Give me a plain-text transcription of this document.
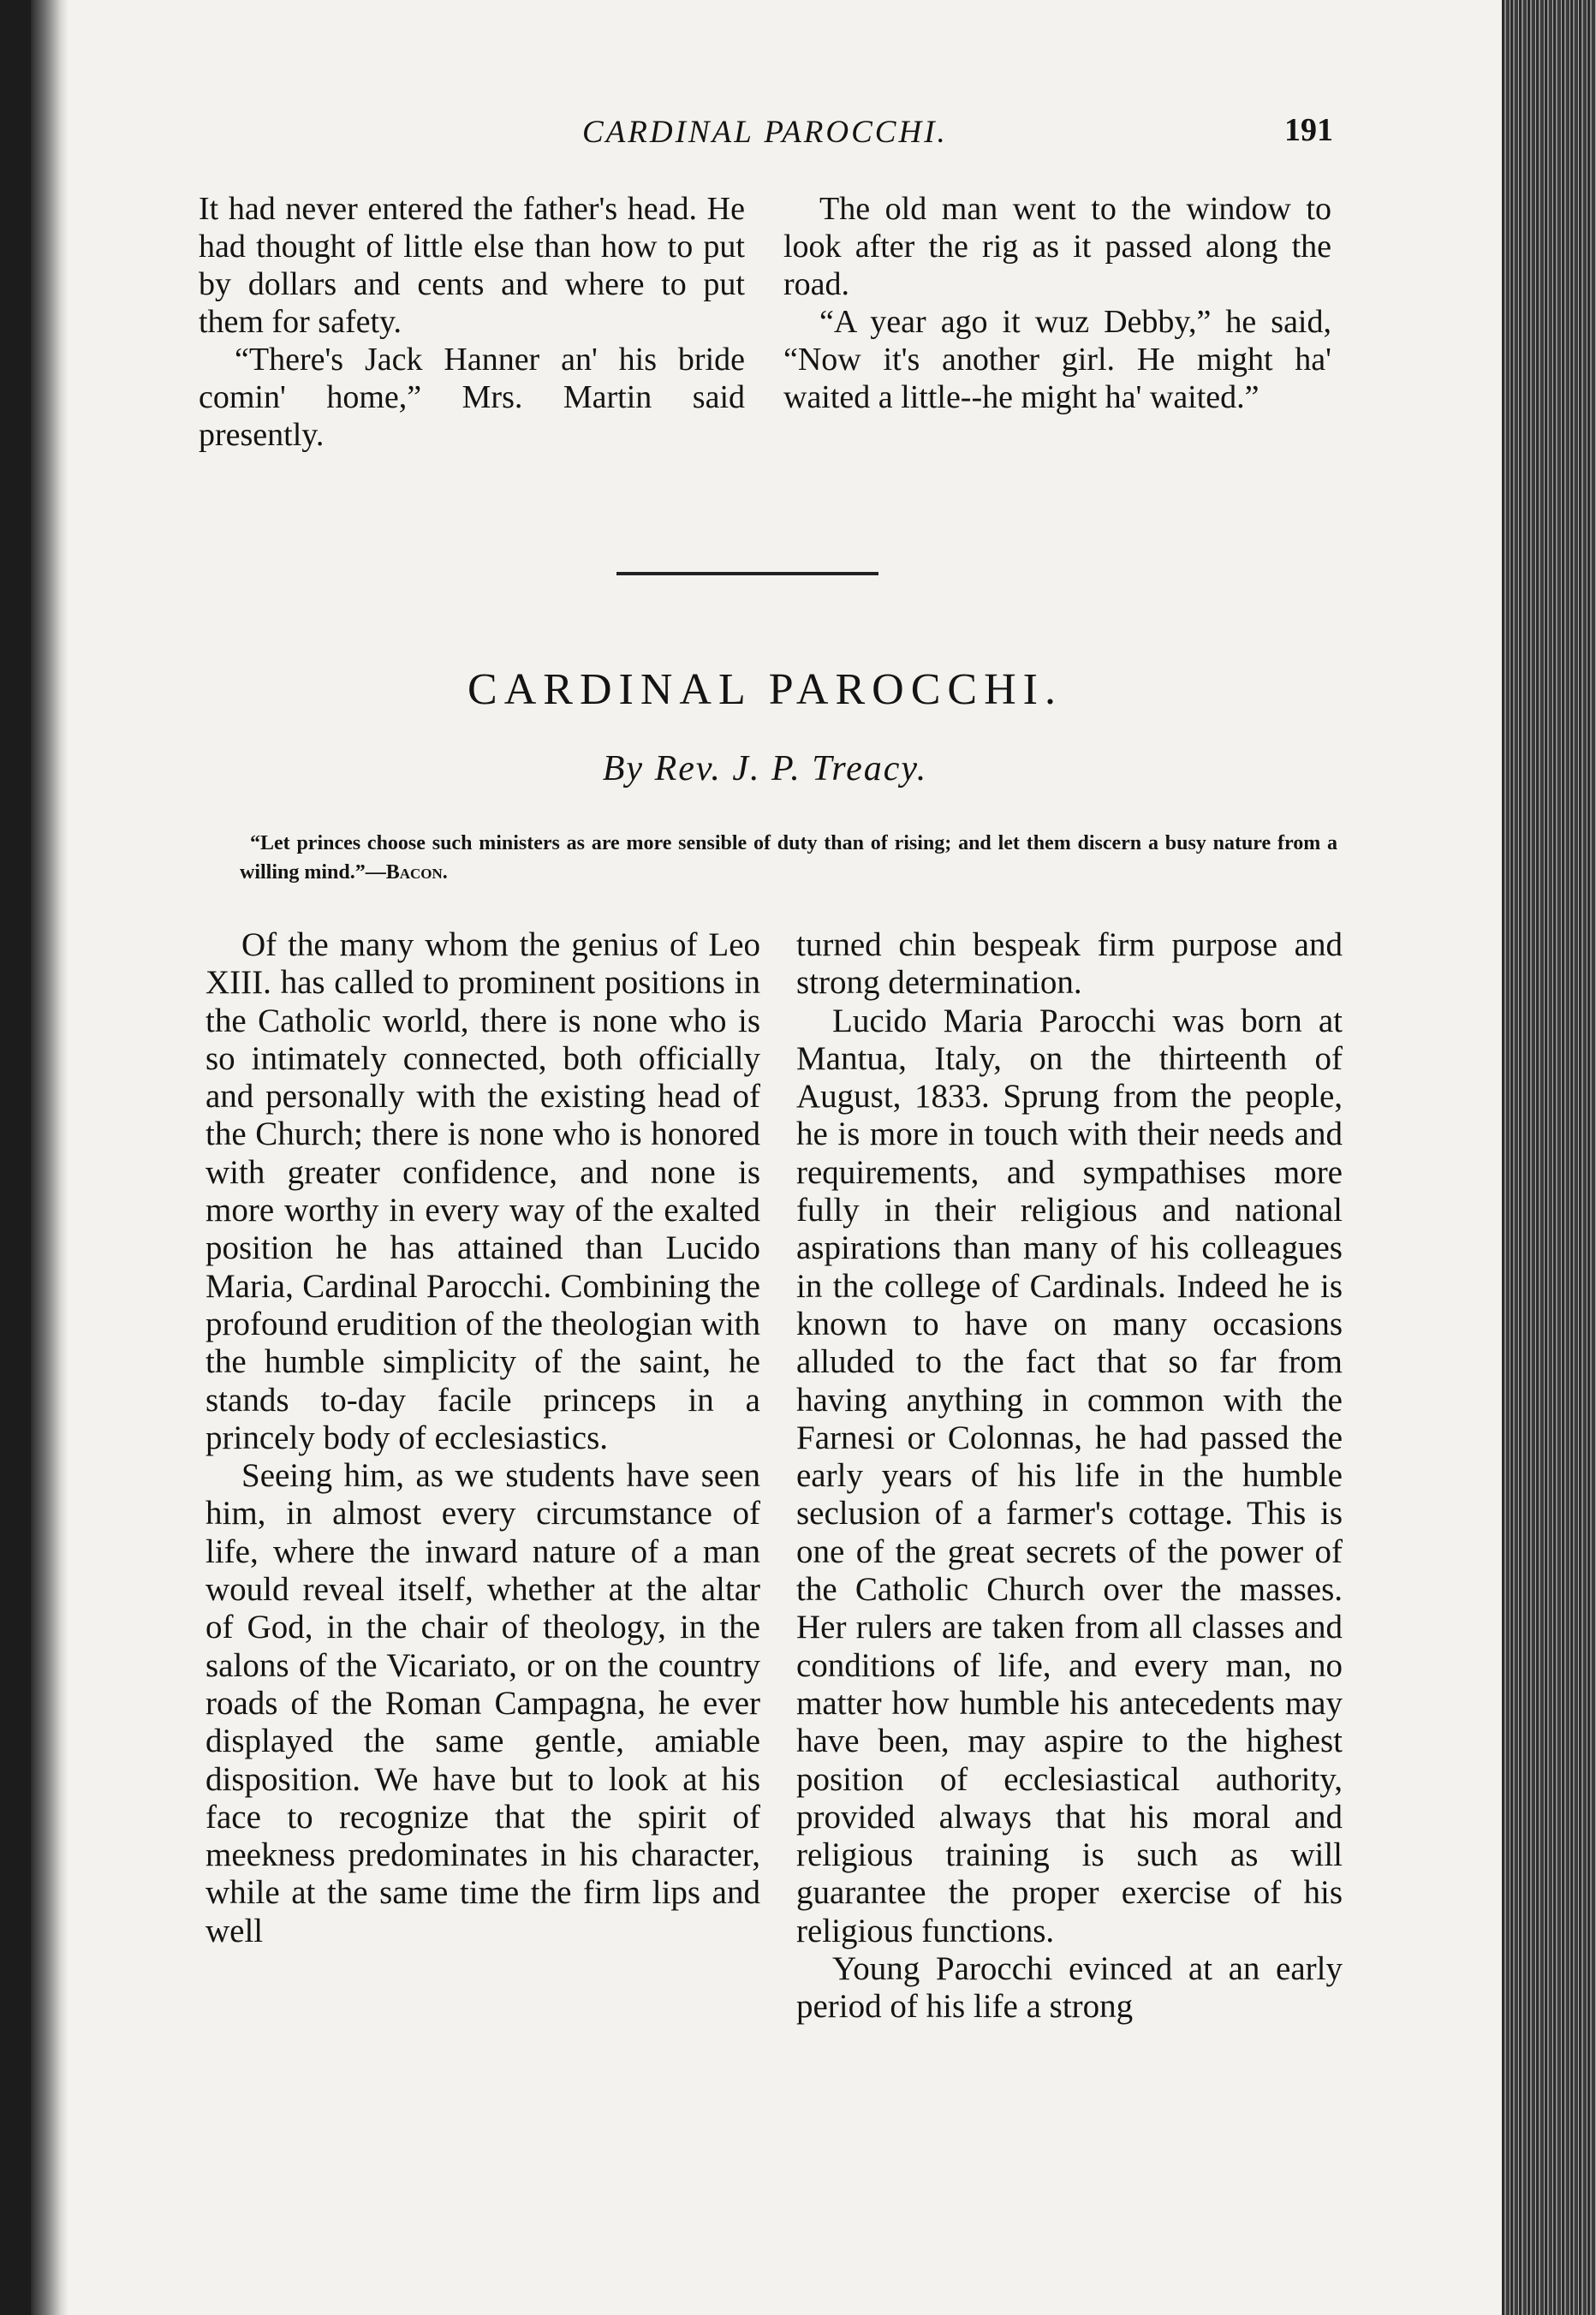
CARDINAL PAROCCHI.	191

It had never entered the father's head. He had thought of little else than how to put by dollars and cents and where to put them for safety.

“There's Jack Hanner an' his bride comin' home,” Mrs. Martin said presently.

The old man went to the window to look after the rig as it passed along the road.

“A year ago it wuz Debby,” he said, “Now it's another girl. He might ha' waited a little--he might ha' waited.”

CARDINAL PAROCCHI.
By Rev. J. P. Treacy.
“Let princes choose such ministers as are more sensible of duty than of rising; and let them discern a busy nature from a willing mind.”—Bacon.

Of the many whom the genius of Leo XIII. has called to prominent positions in the Catholic world, there is none who is so intimately connected, both officially and personally with the existing head of the Church; there is none who is honored with greater confidence, and none is more worthy in every way of the exalted position he has attained than Lucido Maria, Cardinal Parocchi. Combining the profound erudition of the theologian with the humble simplicity of the saint, he stands to-day facile princeps in a princely body of ecclesiastics.

Seeing him, as we students have seen him, in almost every circumstance of life, where the inward nature of a man would reveal itself, whether at the altar of God, in the chair of theology, in the salons of the Vicariato, or on the country roads of the Roman Campagna, he ever displayed the same gentle, amiable disposition. We have but to look at his face to recognize that the spirit of meekness predominates in his character, while at the same time the firm lips and well

turned chin bespeak firm purpose and strong determination.

Lucido Maria Parocchi was born at Mantua, Italy, on the thirteenth of August, 1833. Sprung from the people, he is more in touch with their needs and requirements, and sympathises more fully in their religious and national aspirations than many of his colleagues in the college of Cardinals. Indeed he is known to have on many occasions alluded to the fact that so far from having anything in common with the Farnesi or Colonnas, he had passed the early years of his life in the humble seclusion of a farmer's cottage. This is one of the great secrets of the power of the Catholic Church over the masses. Her rulers are taken from all classes and conditions of life, and every man, no matter how humble his antecedents may have been, may aspire to the highest position of ecclesiastical authority, provided always that his moral and religious training is such as will guarantee the proper exercise of his religious functions.

Young Parocchi evinced at an early period of his life a strong
